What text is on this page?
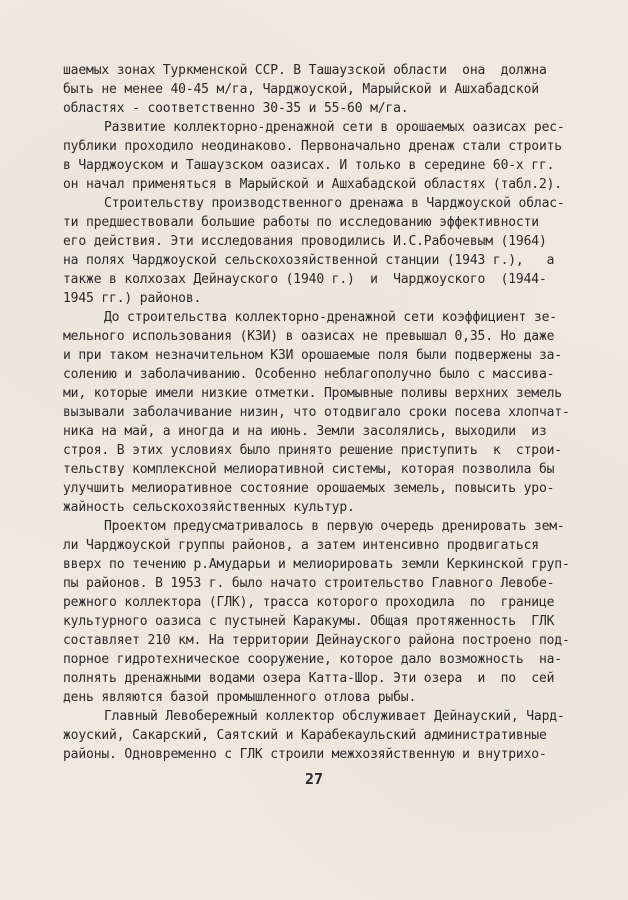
шаемых зонах Туркменской ССР. В Ташаузской области  она  должна
быть не менее 40-45 м/га, Чарджоуской, Марыйской и Ашхабадской
областях - соответственно 30-35 и 55-60 м/га.
Развитие коллекторно-дренажной сети в орошаемых оазисах рес-
публики проходило неодинаково. Первоначально дренаж стали строить
в Чарджоуском и Ташаузском оазисах. И только в середине 60-х гг.
он начал применяться в Марыйской и Ашхабадской областях (табл.2).
Строительству производственного дренажа в Чарджоуской облас-
ти предшествовали большие работы по исследованию эффективности
его действия. Эти исследования проводились И.С.Рабочевым (1964)
на полях Чарджоуской сельскохозяйственной станции (1943 г.),   а
также в колхозах Дейнауского (1940 г.)  и  Чарджоуского  (1944-
1945 гг.) районов.
До строительства коллекторно-дренажной сети коэффициент зе-
мельного использования (КЗИ) в оазисах не превышал 0,35. Но даже
и при таком незначительном КЗИ орошаемые поля были подвержены за-
солению и заболачиванию. Особенно неблагополучно было с массива-
ми, которые имели низкие отметки. Промывные поливы верхних земель
вызывали заболачивание низин, что отодвигало сроки посева хлопчат-
ника на май, а иногда и на июнь. Земли засолялись, выходили  из
строя. В этих условиях было принято решение приступить  к  строи-
тельству комплексной мелиоративной системы, которая позволила бы
улучшить мелиоративное состояние орошаемых земель, повысить уро-
жайность сельскохозяйственных культур.
Проектом предусматривалось в первую очередь дренировать зем-
ли Чарджоуской группы районов, а затем интенсивно продвигаться
вверх по течению р.Амударьи и мелиорировать земли Керкинской груп-
пы районов. В 1953 г. было начато строительство Главного Левобе-
режного коллектора (ГЛК), трасса которого проходила  по  границе
культурного оазиса с пустыней Каракумы. Общая протяженность  ГЛК
составляет 210 км. На территории Дейнауского района построено под-
порное гидротехническое сооружение, которое дало возможность  на-
полнять дренажными водами озера Катта-Шор. Эти озера  и  по  сей
день являются базой промышленного отлова рыбы.
Главный Левобережный коллектор обслуживает Дейнауский, Чард-
жоуский, Сакарский, Саятский и Карабекаульский административные
районы. Одновременно с ГЛК строили межхозяйственную и внутрихо-
27
